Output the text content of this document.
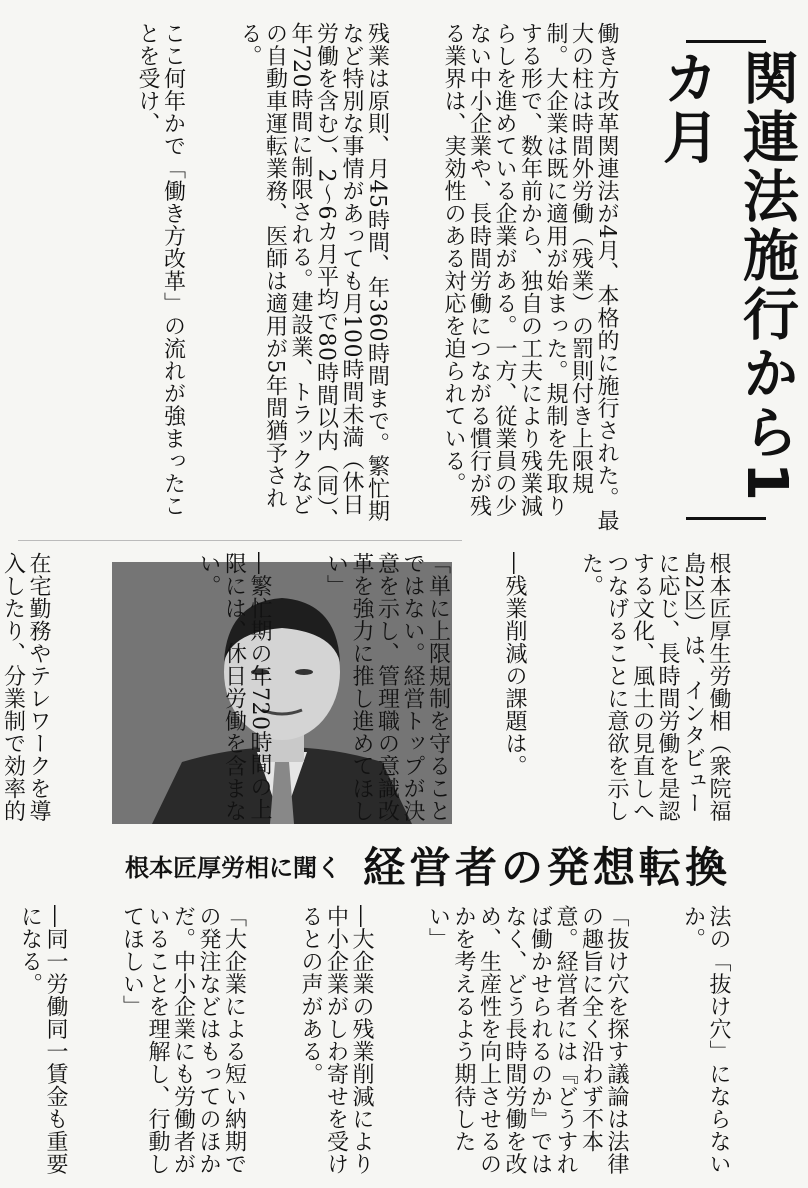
関連法施行から1カ月

働き方改革関連法が4月、本格的に施行された。最大の柱は時間外労働（残業）の罰則付き上限規制。大企業は既に適用が始まった。規制を先取りする形で、数年前から、独自の工夫により残業減らしを進めている企業がある。一方、従業員の少ない中小企業や、長時間労働につながる慣行が残る業界は、実効性のある対応を迫られている。

残業は原則、月45時間、年360時間まで。繁忙期など特別な事情があっても月100時間未満（休日労働を含む）、2～6カ月平均で80時間以内（同）、年720時間に制限される。建設業、トラックなどの自動車運転業務、医師は適用が5年間猶予される。

ここ何年かで「働き方改革」の流れが強まったことを受け、

根本匠厚生労働相（衆院福島2区）は、インタビューに応じ、長時間労働を是認する文化、風土の見直しへつなげることに意欲を示した。

―残業削減の課題は。

「単に上限規制を守ることではない。経営トップが決意を示し、管理職の意識改革を強力に推し進めてほしい」

―繁忙期の年720時間の上限には、休日労働を含まない。

根本匠厚労相に聞く 経営者の発想転換

法の「抜け穴」にならないか。

「抜け穴を探す議論は法律の趣旨に全く沿わず不本意。経営者には『どうすれば働かせられるのか』ではなく、どう長時間労働を改め、生産性を向上させるのかを考えるよう期待したい」

―大企業の残業削減により中小企業がしわ寄せを受けるとの声がある。

「大企業による短い納期での発注などはもってのほかだ。中小企業にも労働者がいることを理解し、行動してほしい」

―同一労働同一賃金も重要になる。

在宅勤務やテレワークを導入したり、分業制で効率的
